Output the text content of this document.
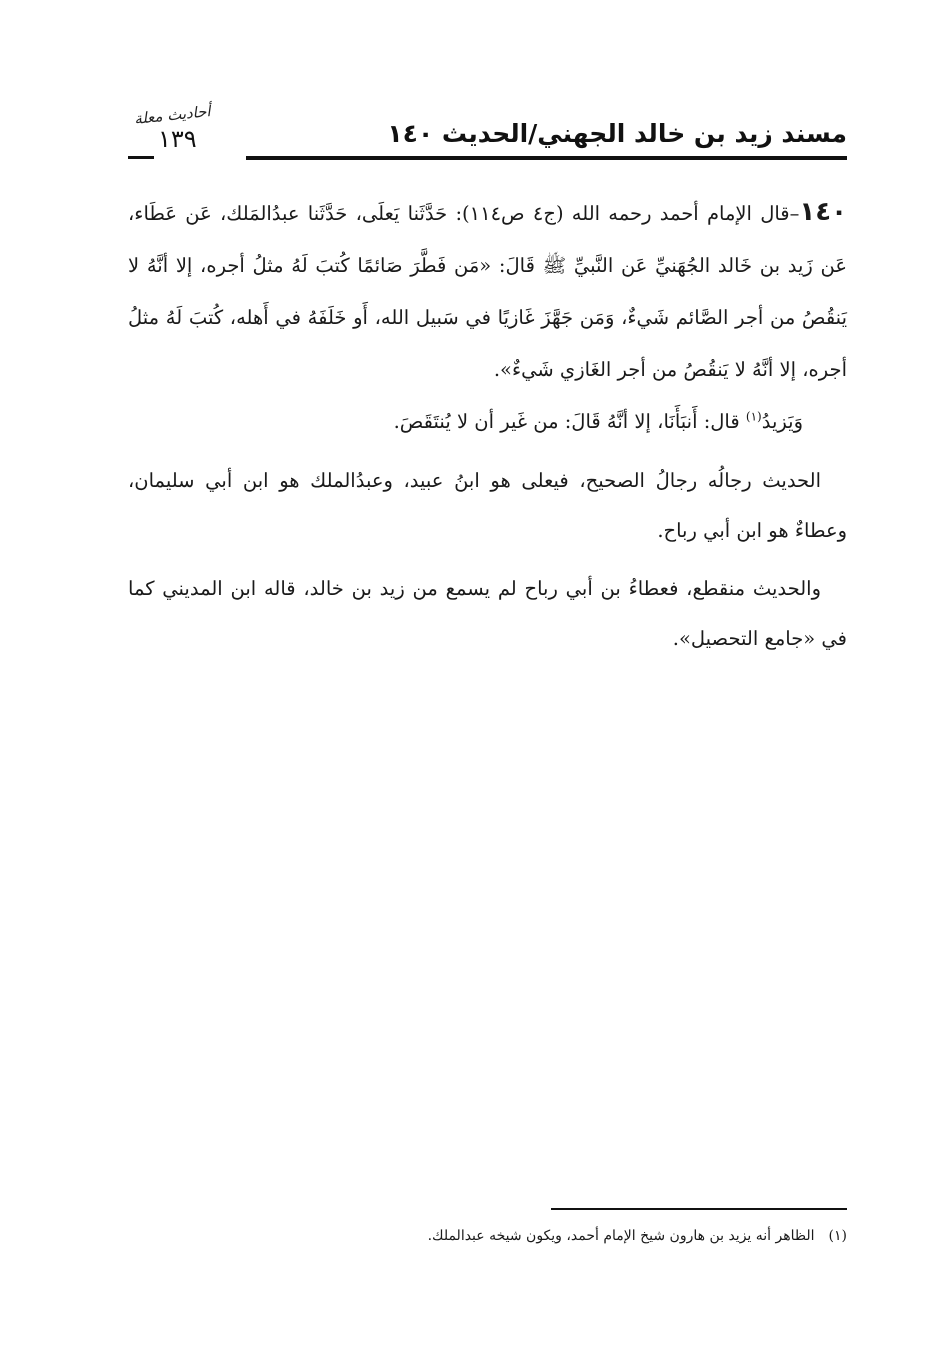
مسند زيد بن خالد الجهني/الحديث ١٤٠
أحاديث معلة
١٣٩

١٤٠–قال الإمام أحمد رحمه الله (ج٤ ص١١٤): حَدَّثَنا يَعلَى، حَدَّثَنا عبدُالمَلك، عَن عَطَاء، عَن زَيد بن خَالد الجُهَنيِّ عَن النَّبيِّ ﷺ قَالَ: «مَن فَطَّرَ صَائمًا كُتبَ لَهُ مثلُ أجره، إلا أنَّهُ لا يَنقُصُ من أجر الصَّائم شَيءٌ، وَمَن جَهَّزَ غَازيًا في سَبيل الله، أَو خَلَفَهُ في أَهله، كُتبَ لَهُ مثلُ أجره، إلا أنَّهُ لا يَنقُصُ من أجر الغَازي شَيءٌ».

وَيَزيدُ$^{(١)}$ قال: أَنبَأَنَا، إلا أنَّهُ قَالَ: من غَير أن لا يُنتَقَصَ.

الحديث رجالُه رجالُ الصحيح، فيعلى هو ابنُ عبيد، وعبدُالملك هو ابن أبي سليمان، وعطاءٌ هو ابن أبي رباح.

والحديث منقطع، فعطاءُ بن أبي رباح لم يسمع من زيد بن خالد، قاله ابن المديني كما في «جامع التحصيل».

(١)الظاهر أنه يزيد بن هارون شيخ الإمام أحمد، ويكون شيخه عبدالملك.
